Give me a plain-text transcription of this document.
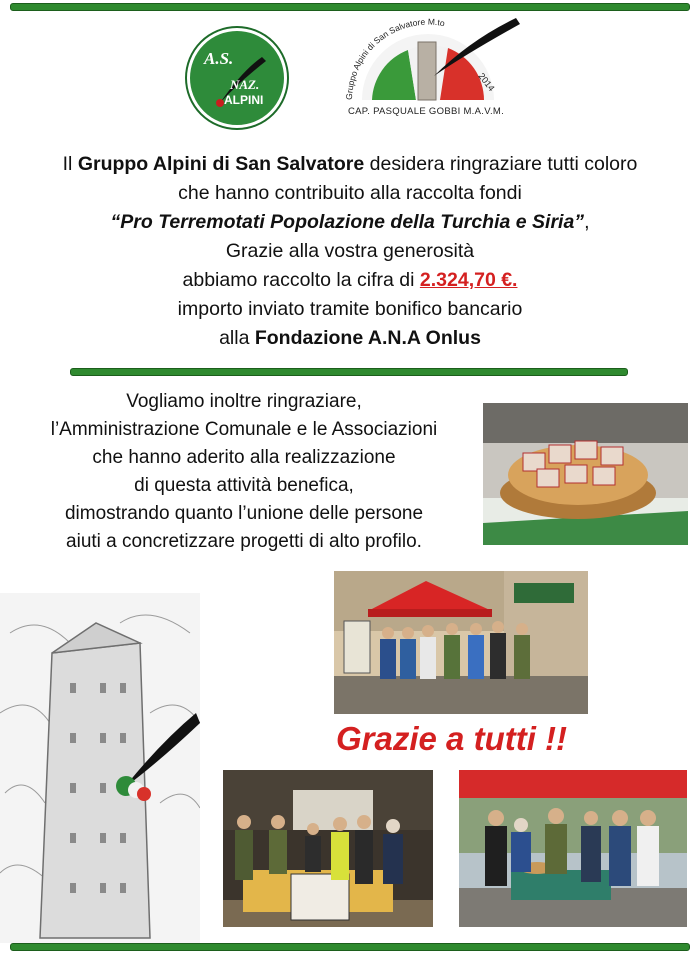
A.S.
NAZ.
ALPINI	Gruppo Alpini di San Salvatore M.to
2014
CAP. PASQUALE GOBBI M.A.V.M.

Il Gruppo Alpini di San Salvatore desidera ringraziare tutti coloro

che hanno contribuito alla raccolta fondi

“Pro Terremotati Popolazione della Turchia e Siria”,

Grazie alla vostra generosità

abbiamo raccolto la cifra di 2.324,70 €.

importo inviato tramite bonifico bancario

alla Fondazione A.N.A Onlus

Vogliamo inoltre ringraziare,

l’Amministrazione Comunale e le Associazioni

che hanno aderito alla realizzazione

di questa attività benefica,

dimostrando quanto l’unione delle persone

aiuti a concretizzare progetti di alto profilo.

Grazie a tutti !!
